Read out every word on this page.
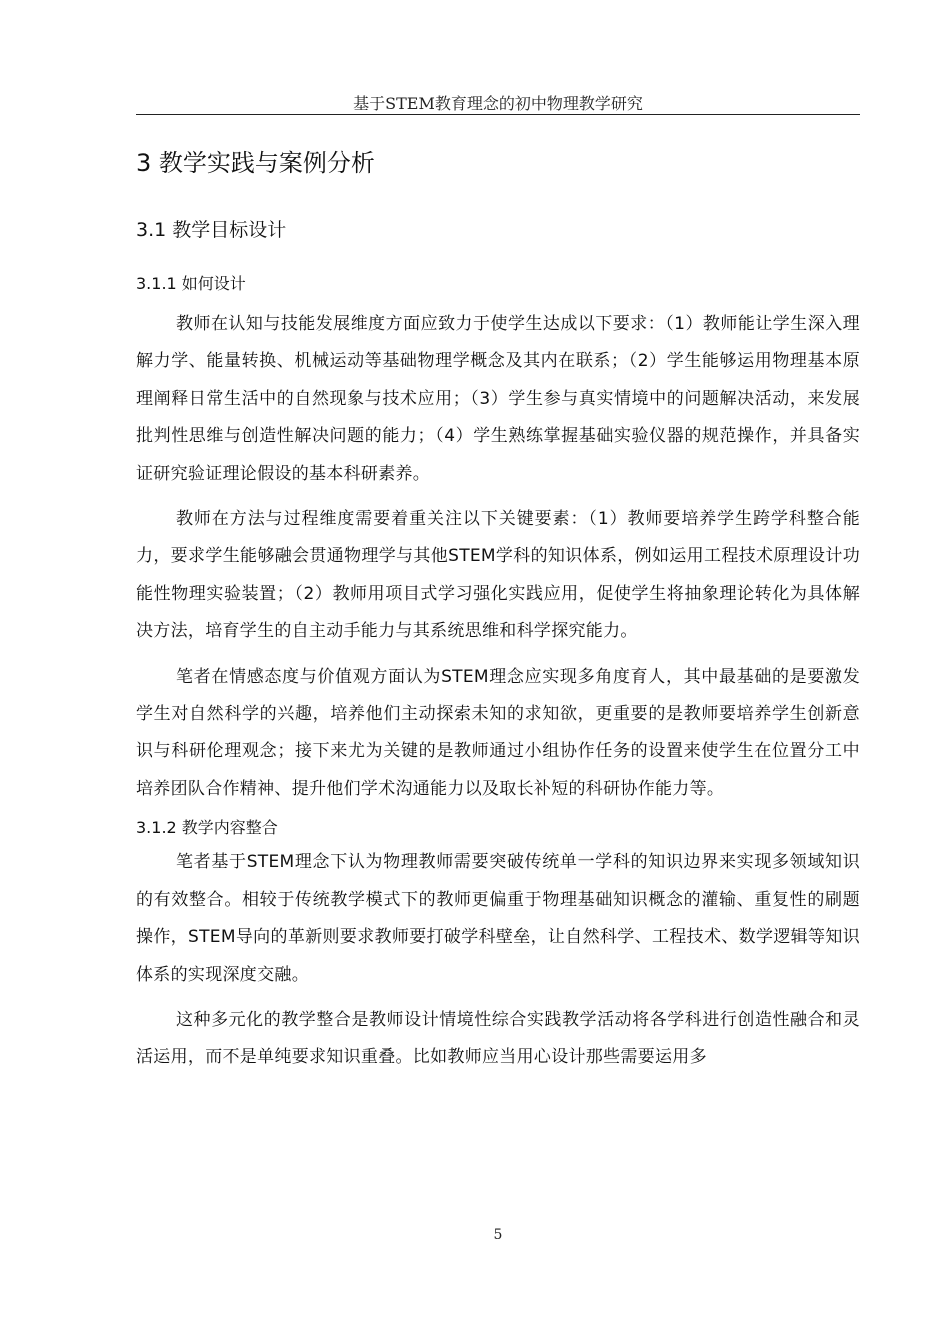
基于STEM教育理念的初中物理教学研究
3 教学实践与案例分析
3.1 教学目标设计
3.1.1 如何设计

教师在认知与技能发展维度方面应致力于使学生达成以下要求：（1）教师能让学生深入理解力学、能量转换、机械运动等基础物理学概念及其内在联系；（2）学生能够运用物理基本原理阐释日常生活中的自然现象与技术应用；（3）学生参与真实情境中的问题解决活动，来发展批判性思维与创造性解决问题的能力；（4）学生熟练掌握基础实验仪器的规范操作，并具备实证研究验证理论假设的基本科研素养。

教师在方法与过程维度需要着重关注以下关键要素：（1）教师要培养学生跨学科整合能力，要求学生能够融会贯通物理学与其他STEM学科的知识体系，例如运用工程技术原理设计功能性物理实验装置；（2）教师用项目式学习强化实践应用，促使学生将抽象理论转化为具体解决方法，培育学生的自主动手能力与其系统思维和科学探究能力。

笔者在情感态度与价值观方面认为STEM理念应实现多角度育人，其中最基础的是要激发学生对自然科学的兴趣，培养他们主动探索未知的求知欲，更重要的是教师要培养学生创新意识与科研伦理观念；接下来尤为关键的是教师通过小组协作任务的设置来使学生在位置分工中培养团队合作精神、提升他们学术沟通能力以及取长补短的科研协作能力等。

3.1.2 教学内容整合

笔者基于STEM理念下认为物理教师需要突破传统单一学科的知识边界来实现多领域知识的有效整合。相较于传统教学模式下的教师更偏重于物理基础知识概念的灌输、重复性的刷题操作，STEM导向的革新则要求教师要打破学科壁垒，让自然科学、工程技术、数学逻辑等知识体系的实现深度交融。

这种多元化的教学整合是教师设计情境性综合实践教学活动将各学科进行创造性融合和灵活运用，而不是单纯要求知识重叠。比如教师应当用心设计那些需要运用多

5
